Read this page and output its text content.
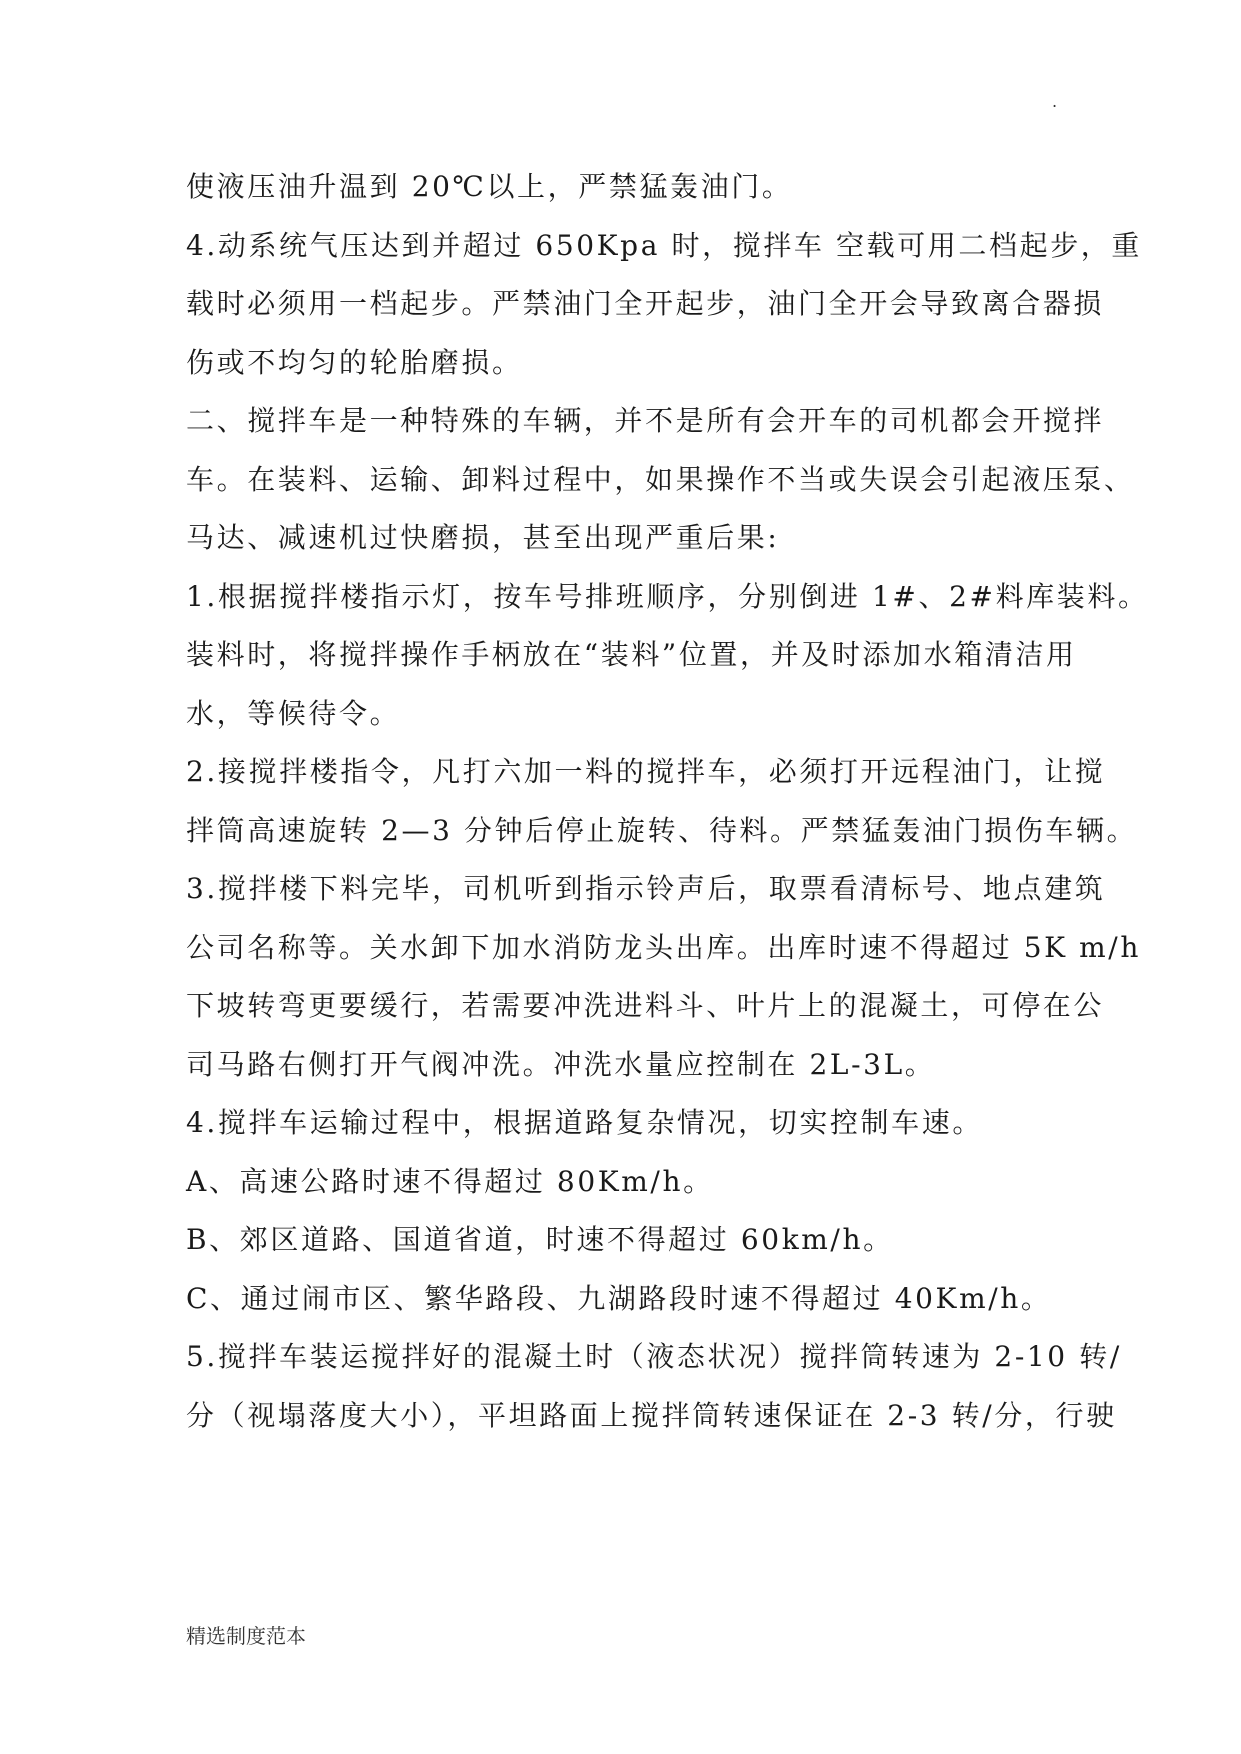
.
使液压油升温到 20℃以上，严禁猛轰油门。
4.动系统气压达到并超过 650Kpa 时，搅拌车 空载可用二档起步，重
载时必须用一档起步。严禁油门全开起步，油门全开会导致离合器损
伤或不均匀的轮胎磨损。
二、搅拌车是一种特殊的车辆，并不是所有会开车的司机都会开搅拌
车。在装料、运输、卸料过程中，如果操作不当或失误会引起液压泵、
马达、减速机过快磨损，甚至出现严重后果:
1.根据搅拌楼指示灯，按车号排班顺序，分别倒进 1#、2#料库装料。
装料时，将搅拌操作手柄放在“装料”位置，并及时添加水箱清洁用
水，等候待令。
2.接搅拌楼指令，凡打六加一料的搅拌车，必须打开远程油门，让搅
拌筒高速旋转 2—3 分钟后停止旋转、待料。严禁猛轰油门损伤车辆。
3.搅拌楼下料完毕，司机听到指示铃声后，取票看清标号、地点建筑
公司名称等。关水卸下加水消防龙头出库。出库时速不得超过 5K m/h
下坡转弯更要缓行，若需要冲洗进料斗、叶片上的混凝土，可停在公
司马路右侧打开气阀冲洗。冲洗水量应控制在 2L-3L。
4.搅拌车运输过程中，根据道路复杂情况，切实控制车速。
A、高速公路时速不得超过 80Km/h。
B、郊区道路、国道省道，时速不得超过 60km/h。
C、通过闹市区、繁华路段、九湖路段时速不得超过 40Km/h。
5.搅拌车装运搅拌好的混凝土时（液态状况）搅拌筒转速为 2-10 转/
分（视塌落度大小），平坦路面上搅拌筒转速保证在 2-3 转/分，行驶
精选制度范本
